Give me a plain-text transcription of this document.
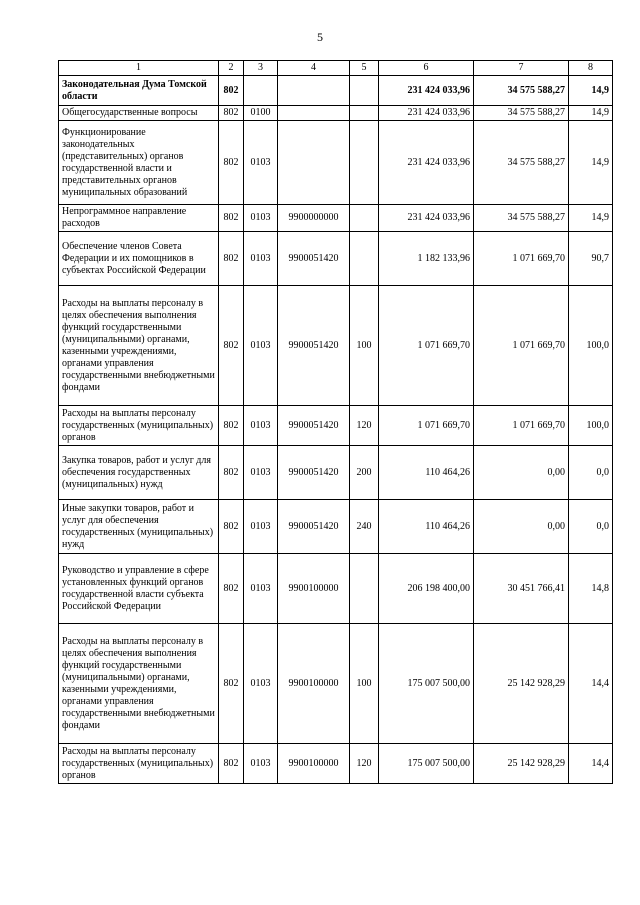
5
1	2	3	4	5	6	7	8
Законодательная Дума Томской области	802				231 424 033,96	34 575 588,27	14,9
Общегосударственные вопросы	802	0100			231 424 033,96	34 575 588,27	14,9
Функционирование законодательных (представительных) органов государственной власти и представительных органов муниципальных образований	802	0103			231 424 033,96	34 575 588,27	14,9
Непрограммное направление расходов	802	0103	9900000000		231 424 033,96	34 575 588,27	14,9
Обеспечение членов Совета Федерации и их помощников в субъектах Российской Федерации	802	0103	9900051420		1 182 133,96	1 071 669,70	90,7
Расходы на выплаты персоналу в целях обеспечения выполнения функций государственными (муниципальными) органами, казенными учреждениями, органами управления государственными внебюджетными фондами	802	0103	9900051420	100	1 071 669,70	1 071 669,70	100,0
Расходы на выплаты персоналу государственных (муниципальных) органов	802	0103	9900051420	120	1 071 669,70	1 071 669,70	100,0
Закупка товаров, работ и услуг для обеспечения государственных (муниципальных) нужд	802	0103	9900051420	200	110 464,26	0,00	0,0
Иные закупки товаров, работ и услуг для обеспечения государственных (муниципальных) нужд	802	0103	9900051420	240	110 464,26	0,00	0,0
Руководство и управление в сфере установленных функций органов государственной власти субъекта Российской Федерации	802	0103	9900100000		206 198 400,00	30 451 766,41	14,8
Расходы на выплаты персоналу в целях обеспечения выполнения функций государственными (муниципальными) органами, казенными учреждениями, органами управления государственными внебюджетными фондами	802	0103	9900100000	100	175 007 500,00	25 142 928,29	14,4
Расходы на выплаты персоналу государственных (муниципальных) органов	802	0103	9900100000	120	175 007 500,00	25 142 928,29	14,4
